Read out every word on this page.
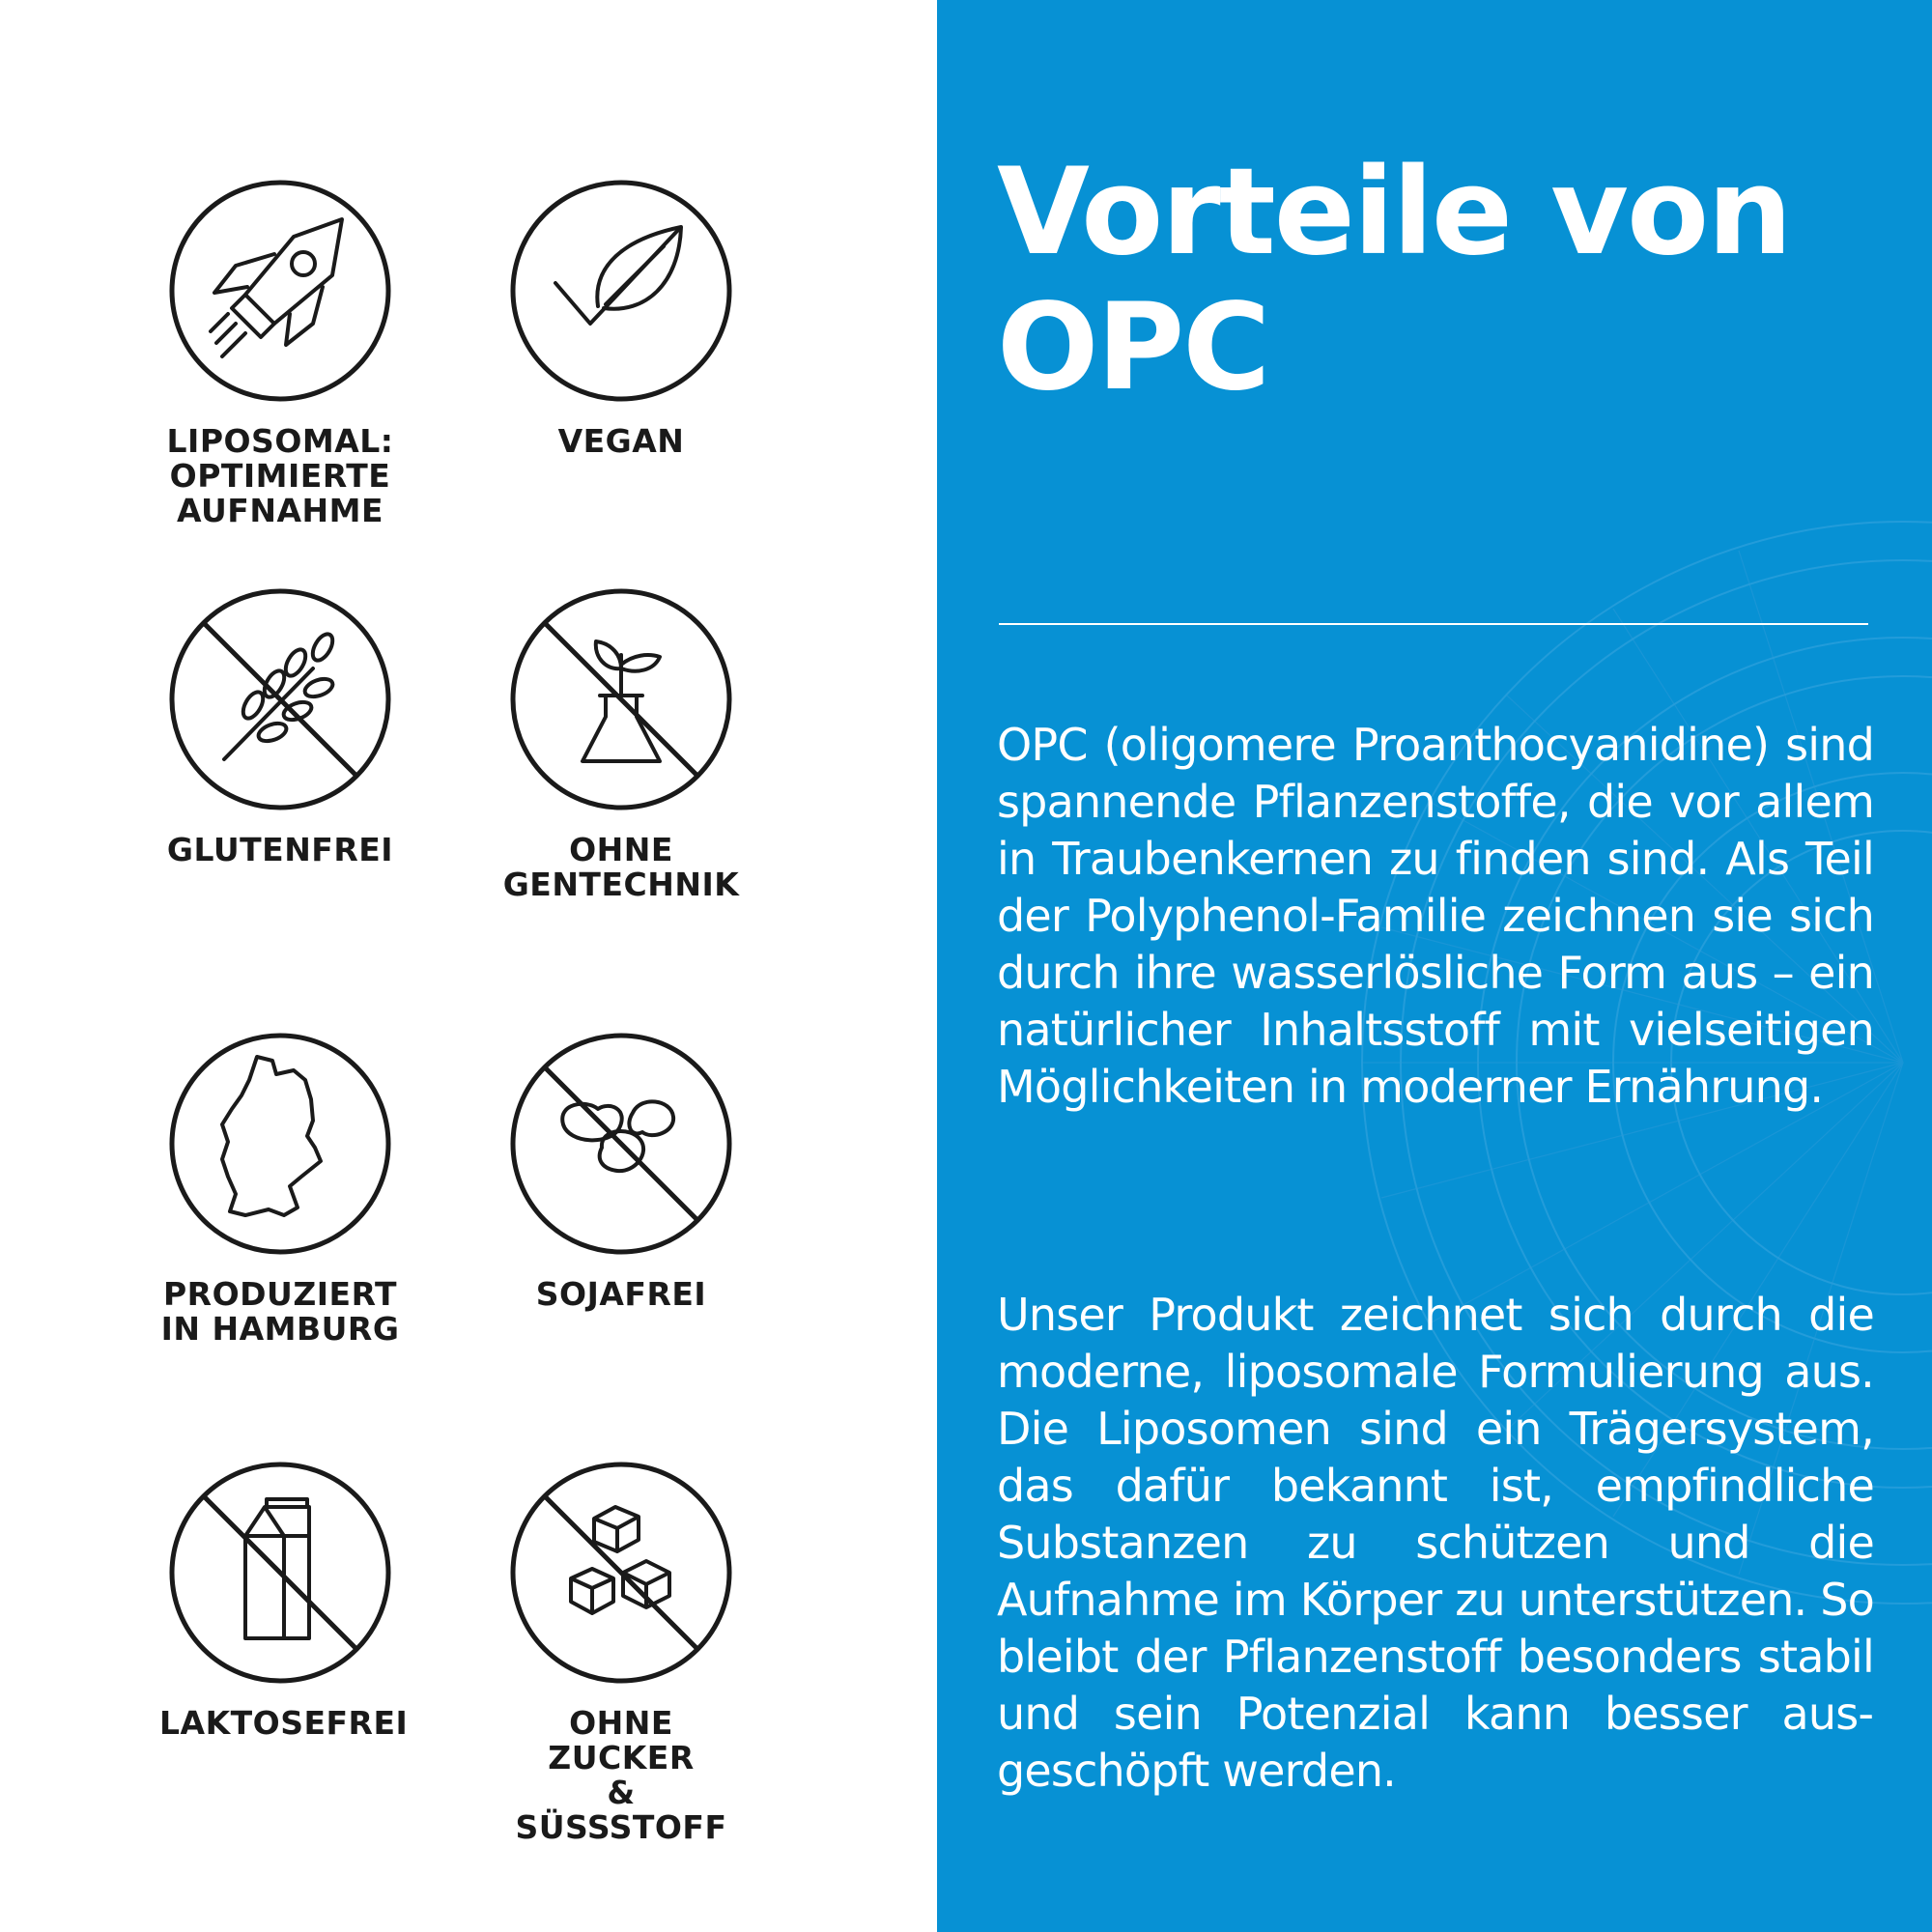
LIPOSOMAL:
OPTIMIERTE
AUFNAHME
VEGAN
GLUTENFREI	OHNE
GENTECHNIK
PRODUZIERT
IN HAMBURG
SOJAFREI
LAKTOSEFREI	OHNE ZUCKER
& SÜSSSTOFF
Vorteile von OPC
OPC (oligomere Proanthocyanidine) sind spannende Pflanzenstoffe, die vor allem in Traubenkernen zu finden sind. Als Teil der Polyphenol-Familie zeichnen sie sich durch ihre wasserlösliche Form aus – ein natürlicher Inhaltsstoff mit vielseitigen Möglichkeiten in moderner Ernährung.
Unser Produkt zeichnet sich durch die moderne, liposomale Formulierung aus. Die Liposomen sind ein Trägersystem, das dafür bekannt ist, empfindliche Substanzen zu schützen und die Aufnahme im Körper zu unterstützen. So bleibt der Pflanzenstoff besonders stabil und sein Potenzial kann besser ausgeschöpft werden.
